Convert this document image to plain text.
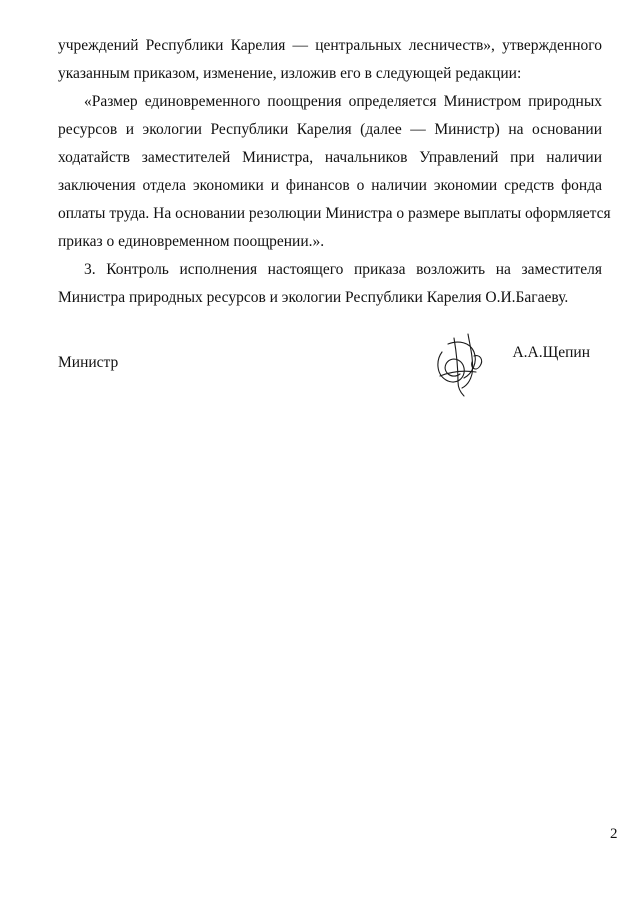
учреждений Республики Карелия — центральных лесничеств», утвержденного
указанным приказом, изменение, изложив его в следующей редакции:
«Размер единовременного поощрения определяется Министром природных
ресурсов и экологии Республики Карелия (далее — Министр) на основании
ходатайств заместителей Министра, начальников Управлений при наличии
заключения отдела экономики и финансов о наличии экономии средств фонда
оплаты труда. На основании резолюции Министра о размере выплаты оформляется
приказ о единовременном поощрении.».
3. Контроль исполнения настоящего приказа возложить на заместителя
Министра природных ресурсов и экологии Республики Карелия О.И.Багаеву.
Министр
А.А.Щепин
2
